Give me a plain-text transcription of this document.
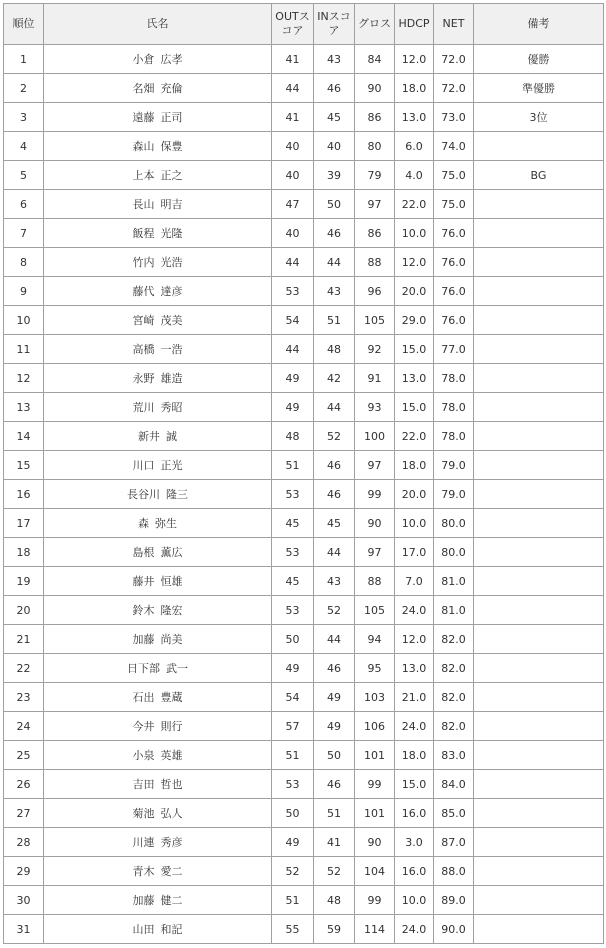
順位	氏名	OUTスコア	INスコア	グロス	HDCP	NET	備考
1	小倉 広孝	41	43	84	12.0	72.0	優勝
2	名畑 充倫	44	46	90	18.0	72.0	準優勝
3	遠藤 正司	41	45	86	13.0	73.0	3位
4	森山 保豊	40	40	80	6.0	74.0	
5	上本 正之	40	39	79	4.0	75.0	BG
6	長山 明吉	47	50	97	22.0	75.0	
7	飯程 光隆	40	46	86	10.0	76.0	
8	竹内 光浩	44	44	88	12.0	76.0	
9	藤代 達彦	53	43	96	20.0	76.0	
10	宮崎 茂美	54	51	105	29.0	76.0	
11	高橋 一浩	44	48	92	15.0	77.0	
12	永野 雄造	49	42	91	13.0	78.0	
13	荒川 秀昭	49	44	93	15.0	78.0	
14	新井 誠	48	52	100	22.0	78.0	
15	川口 正光	51	46	97	18.0	79.0	
16	長谷川 隆三	53	46	99	20.0	79.0	
17	森 弥生	45	45	90	10.0	80.0	
18	島根 薫広	53	44	97	17.0	80.0	
19	藤井 恒雄	45	43	88	7.0	81.0	
20	鈴木 隆宏	53	52	105	24.0	81.0	
21	加藤 尚美	50	44	94	12.0	82.0	
22	日下部 武一	49	46	95	13.0	82.0	
23	石出 豊蔵	54	49	103	21.0	82.0	
24	今井 則行	57	49	106	24.0	82.0	
25	小泉 英雄	51	50	101	18.0	83.0	
26	吉田 哲也	53	46	99	15.0	84.0	
27	菊池 弘人	50	51	101	16.0	85.0	
28	川連 秀彦	49	41	90	3.0	87.0	
29	青木 愛二	52	52	104	16.0	88.0	
30	加藤 健二	51	48	99	10.0	89.0	
31	山田 和記	55	59	114	24.0	90.0	
